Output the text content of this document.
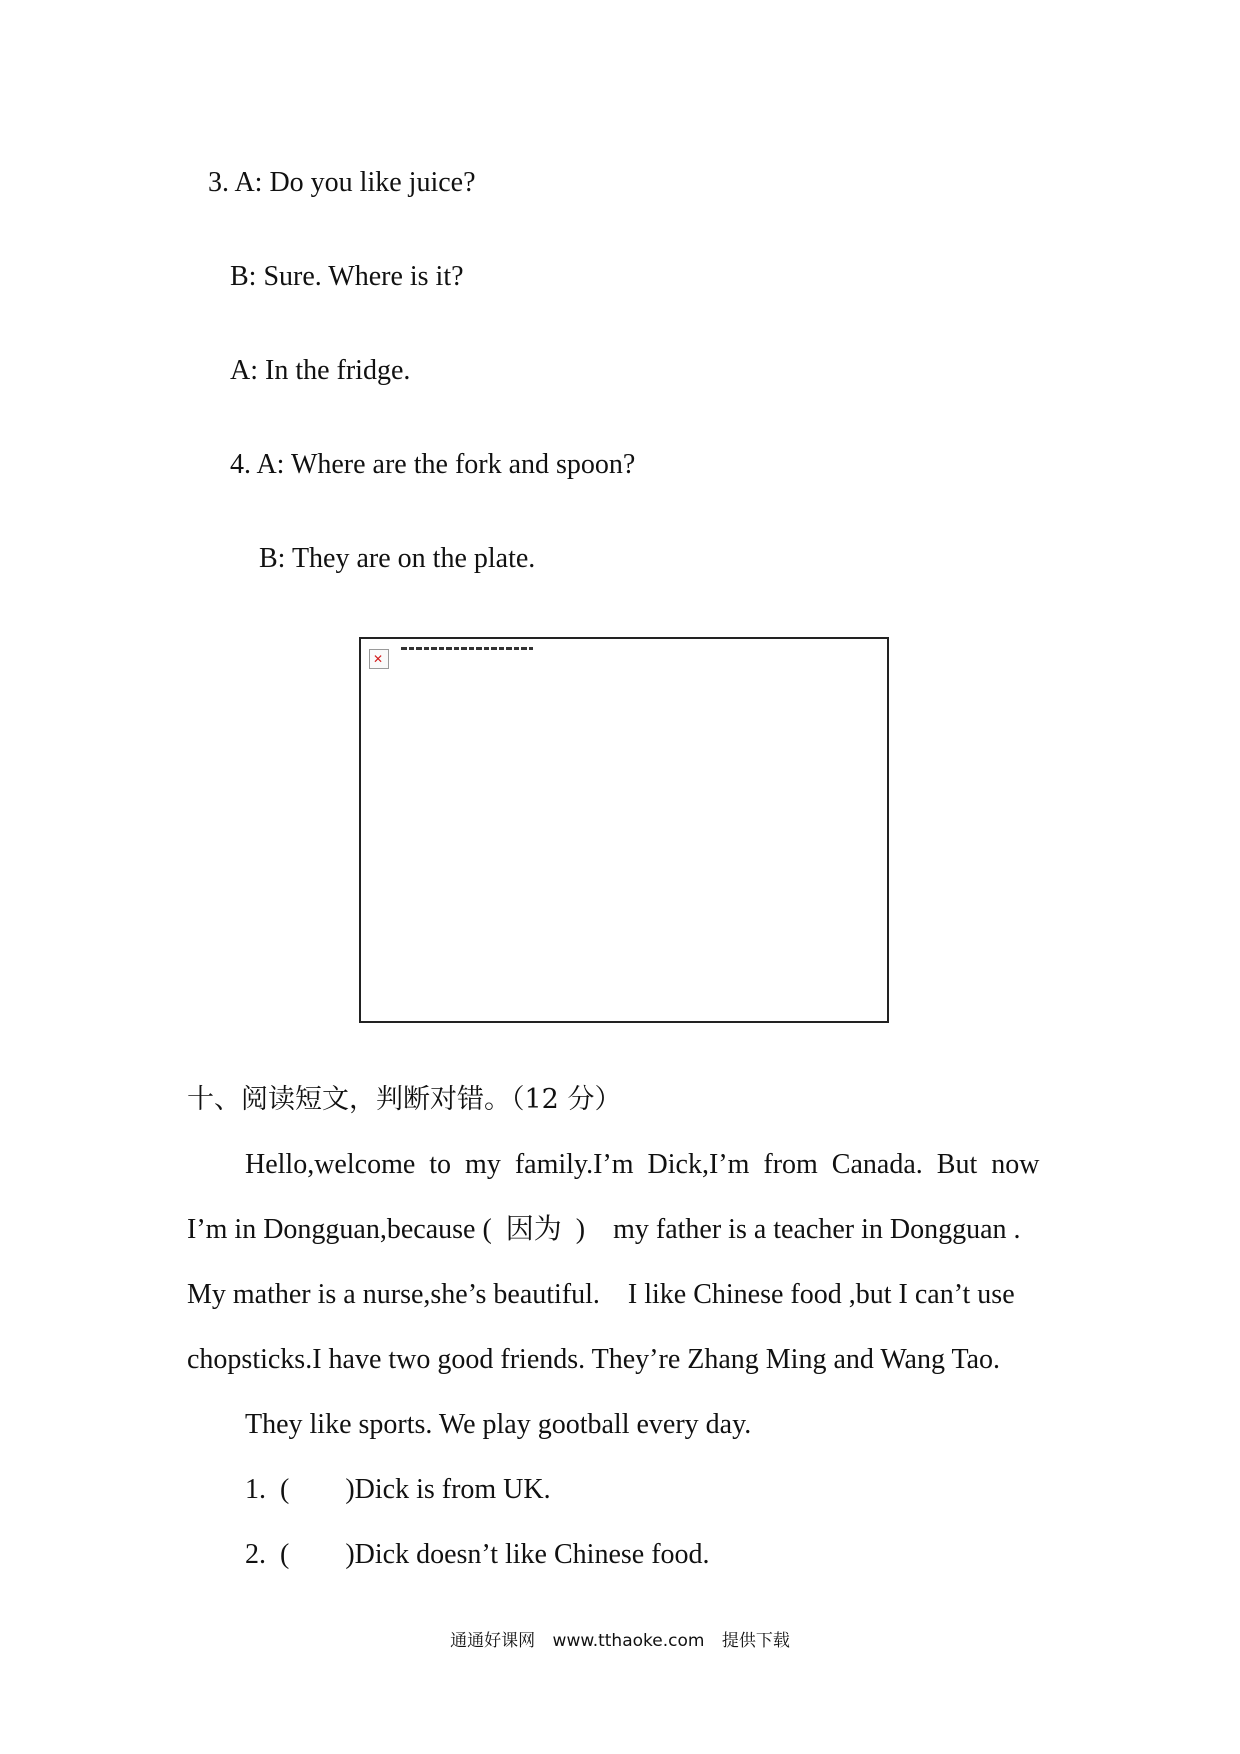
3. A: Do you like juice?

B: Sure. Where is it?

A: In the fridge.

4. A: Where are the fork and spoon?

B: They are on the plate.

✕

十、阅读短文，判断对错。（12 分）

Hello,welcome  to  my  family.I’m  Dick,I’m  from  Canada.  But  now

I’m in Dongguan,because (  因为  )    my father is a teacher in Dongguan .

My mather is a nurse,she’s beautiful.    I like Chinese food ,but I can’t use

chopsticks.I have two good friends. They’re Zhang Ming and Wang Tao.

They like sports. We play gootball every day.

1.  (        )Dick is from UK.

2.  (        )Dick doesn’t like Chinese food.

通通好课网 www.tthaoke.com 提供下载
